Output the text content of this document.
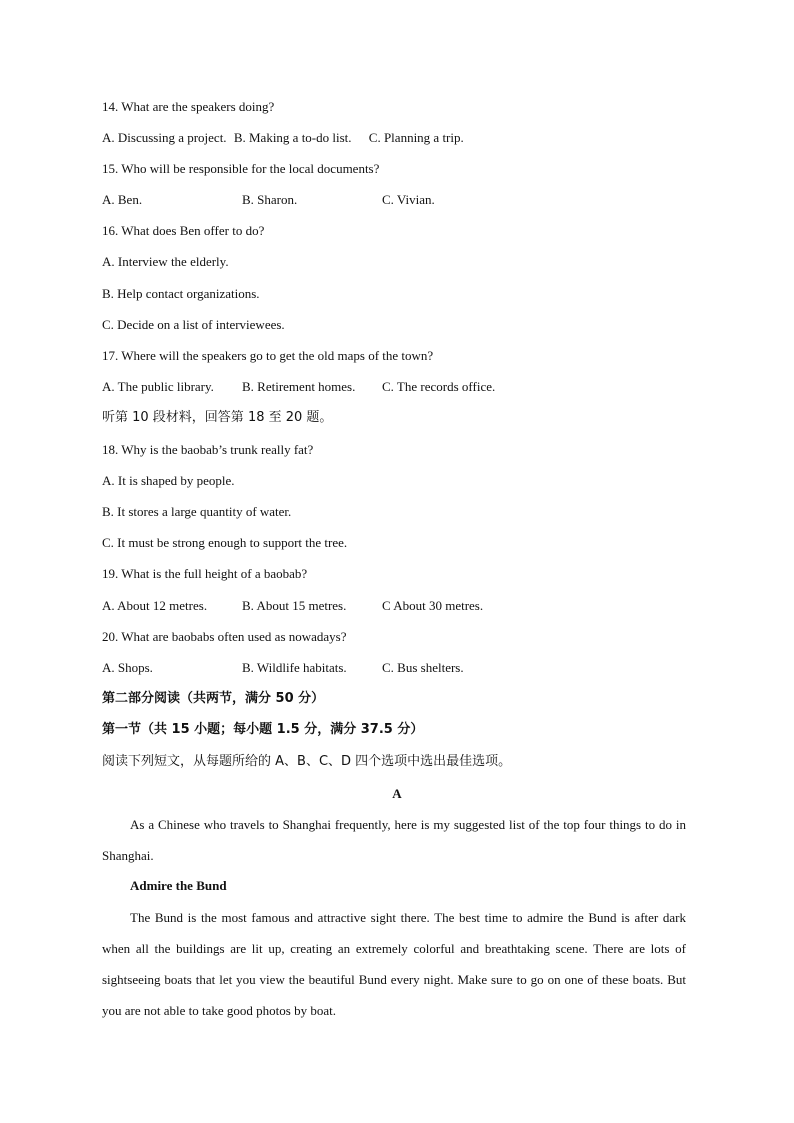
14. What are the speakers doing?
A. Discussing a project. B. Making a to-do list. C. Planning a trip.
15. Who will be responsible for the local documents?
A. Ben.	B. Sharon.	C. Vivian.
16. What does Ben offer to do?
A. Interview the elderly.
B. Help contact organizations.
C. Decide on a list of interviewees.
17. Where will the speakers go to get the old maps of the town?
A. The public library. B. Retirement homes. C. The records office.
听第 10 段材料，回答第 18 至 20 题。
18. Why is the baobab’s trunk really fat?
A. It is shaped by people.
B. It stores a large quantity of water.
C. It must be strong enough to support the tree.
19. What is the full height of a baobab?
A. About 12 metres.	B. About 15 metres.	C About 30 metres.
20. What are baobabs often used as nowadays?
A. Shops.	B. Wildlife habitats.	C. Bus shelters.
第二部分阅读（共两节，满分 50 分）
第一节（共 15 小题；每小题 1.5 分，满分 37.5 分）
阅读下列短文，从每题所给的 A、B、C、D 四个选项中选出最佳选项。
A
As a Chinese who travels to Shanghai frequently, here is my suggested list of the top four things to do in Shanghai.
Admire the Bund
The Bund is the most famous and attractive sight there. The best time to admire the Bund is after dark when all the buildings are lit up, creating an extremely colorful and breathtaking scene. There are lots of sightseeing boats that let you view the beautiful Bund every night. Make sure to go on one of these boats. But you are not able to take good photos by boat.
